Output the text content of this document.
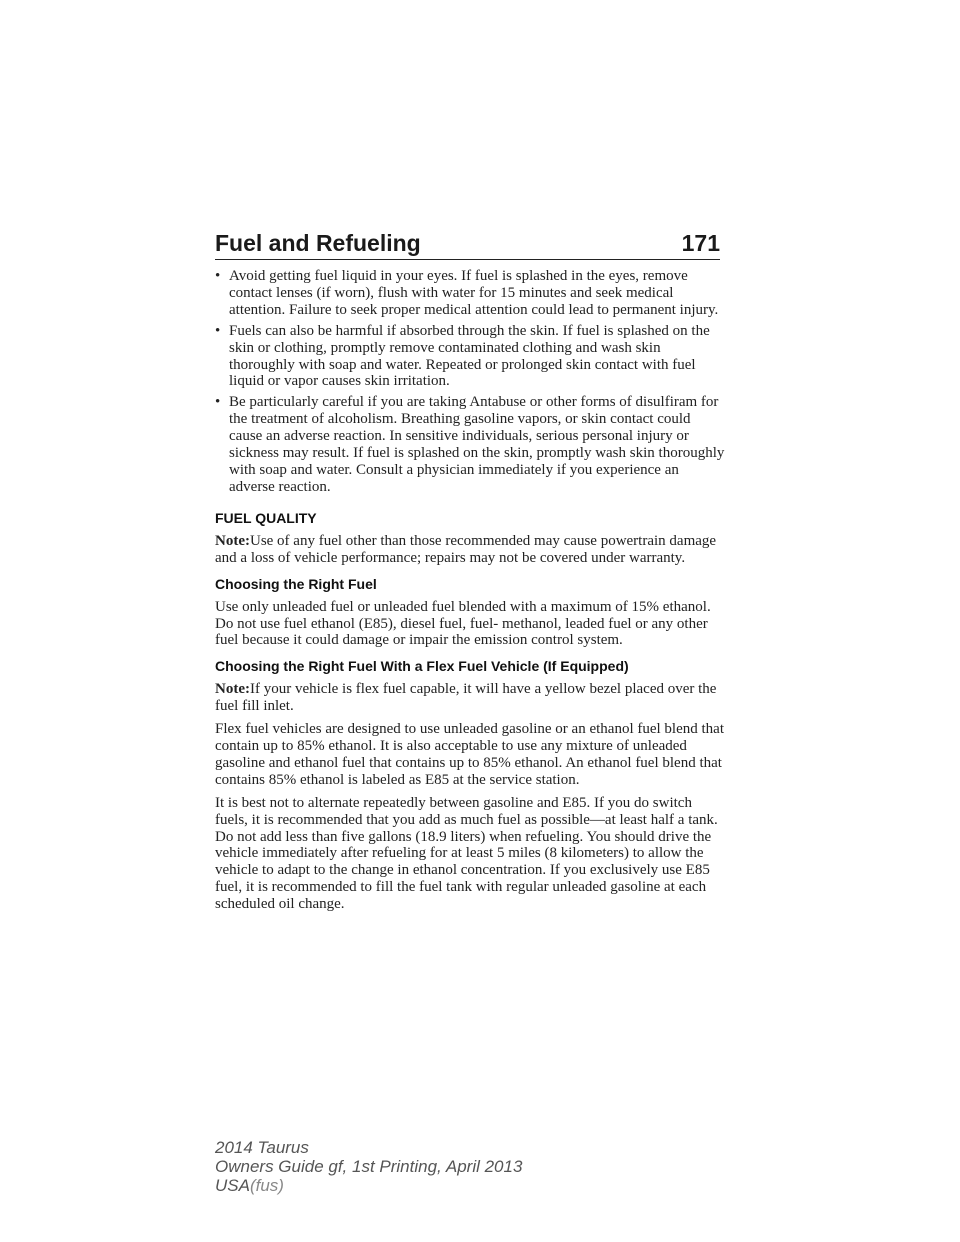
Fuel and Refueling	171
• Avoid getting fuel liquid in your eyes. If fuel is splashed in the eyes, remove contact lenses (if worn), flush with water for 15 minutes and seek medical attention. Failure to seek proper medical attention could lead to permanent injury.
• Fuels can also be harmful if absorbed through the skin. If fuel is splashed on the skin or clothing, promptly remove contaminated clothing and wash skin thoroughly with soap and water. Repeated or prolonged skin contact with fuel liquid or vapor causes skin irritation.
• Be particularly careful if you are taking Antabuse or other forms of disulfiram for the treatment of alcoholism. Breathing gasoline vapors, or skin contact could cause an adverse reaction. In sensitive individuals, serious personal injury or sickness may result. If fuel is splashed on the skin, promptly wash skin thoroughly with soap and water. Consult a physician immediately if you experience an adverse reaction.
FUEL QUALITY

Note:Use of any fuel other than those recommended may cause powertrain damage and a loss of vehicle performance; repairs may not be covered under warranty.

Choosing the Right Fuel

Use only unleaded fuel or unleaded fuel blended with a maximum of 15% ethanol. Do not use fuel ethanol (E85), diesel fuel, fuel- methanol, leaded fuel or any other fuel because it could damage or impair the emission control system.

Choosing the Right Fuel With a Flex Fuel Vehicle (If Equipped)

Note:If your vehicle is flex fuel capable, it will have a yellow bezel placed over the fuel fill inlet.

Flex fuel vehicles are designed to use unleaded gasoline or an ethanol fuel blend that contain up to 85% ethanol. It is also acceptable to use any mixture of unleaded gasoline and ethanol fuel that contains up to 85% ethanol. An ethanol fuel blend that contains 85% ethanol is labeled as E85 at the service station.

It is best not to alternate repeatedly between gasoline and E85. If you do switch fuels, it is recommended that you add as much fuel as possible—at least half a tank. Do not add less than five gallons (18.9 liters) when refueling. You should drive the vehicle immediately after refueling for at least 5 miles (8 kilometers) to allow the vehicle to adapt to the change in ethanol concentration. If you exclusively use E85 fuel, it is recommended to fill the fuel tank with regular unleaded gasoline at each scheduled oil change.

2014 Taurus
Owners Guide gf, 1st Printing, April 2013
USA(fus)
